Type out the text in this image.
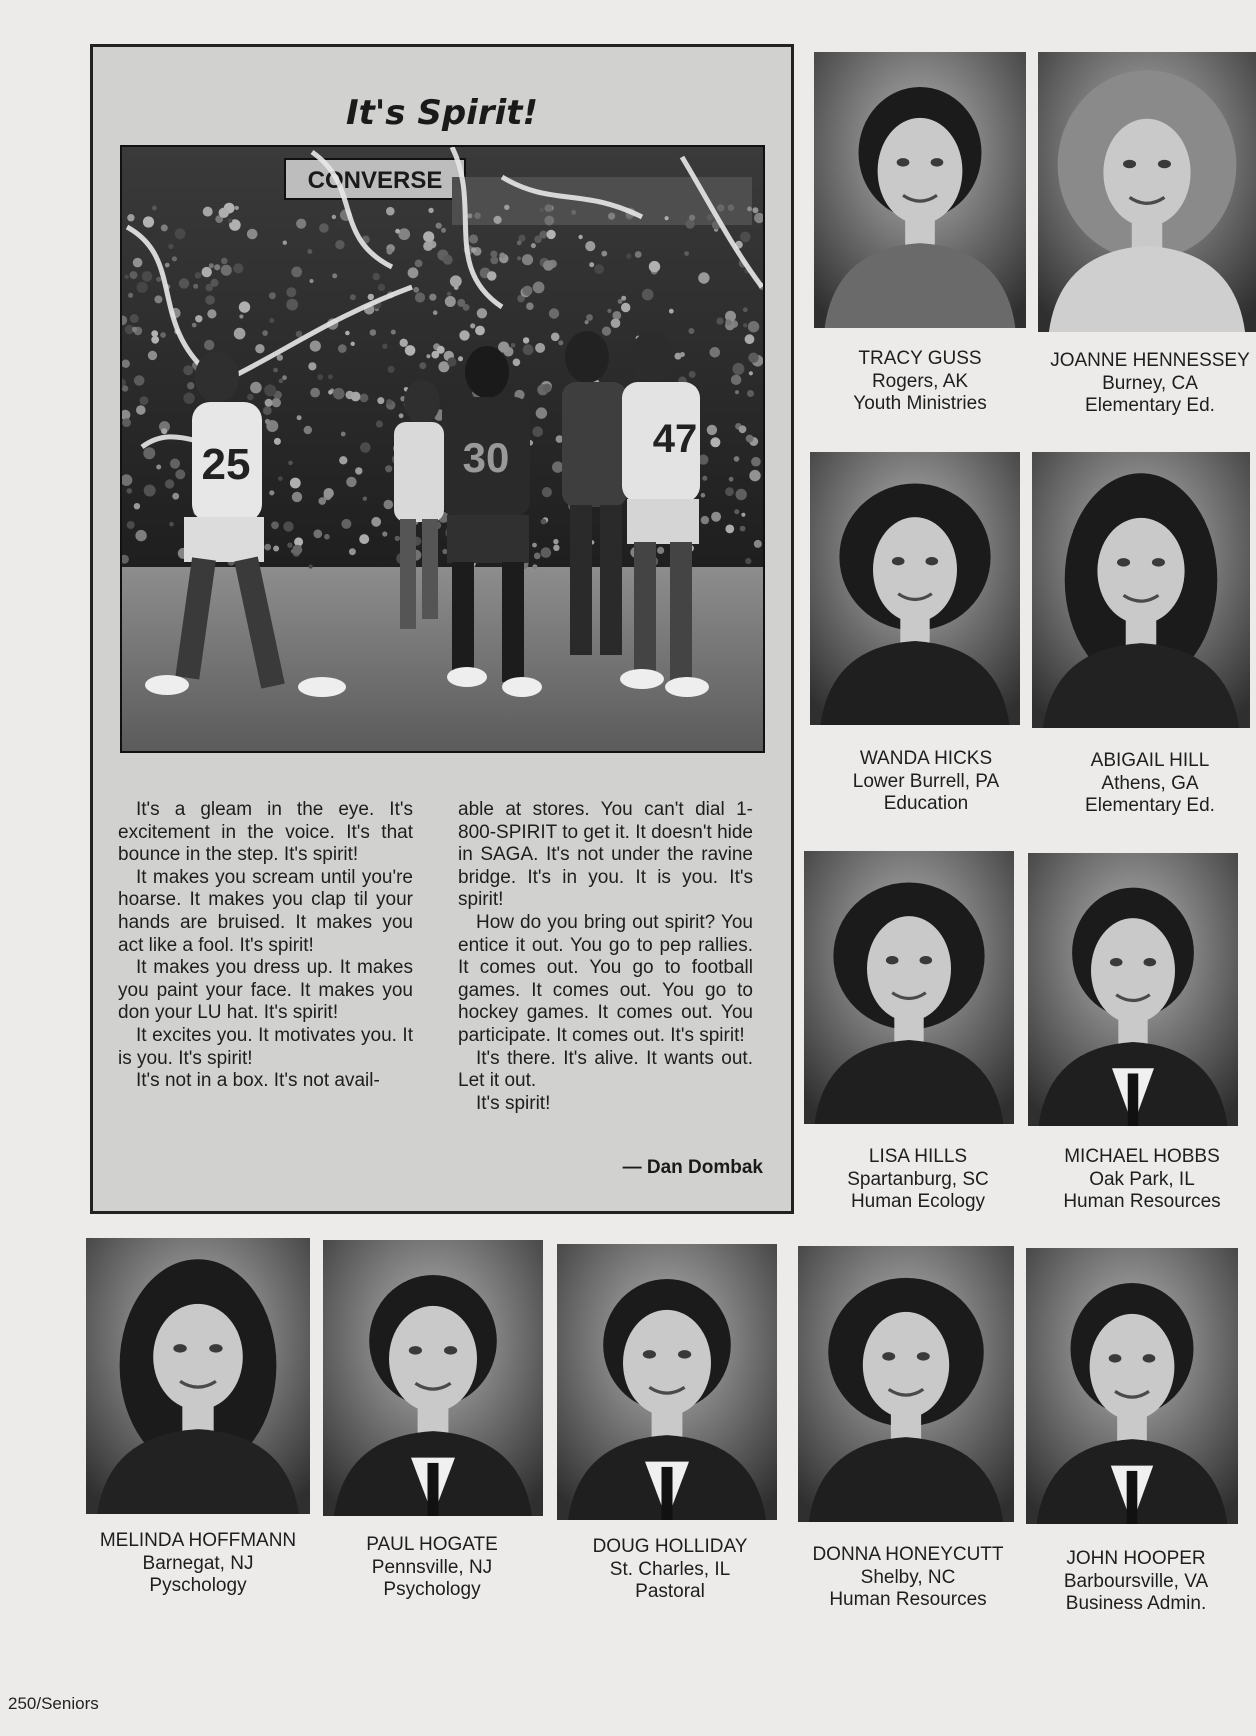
It's Spirit!
CONVERSE
25	30	47

It's a gleam in the eye. It's excitement in the voice. It's that bounce in the step. It's spirit!

It makes you scream until you're hoarse. It makes you clap til your hands are bruised. It makes you act like a fool. It's spirit!

It makes you dress up. It makes you paint your face. It makes you don your LU hat. It's spirit!

It excites you. It motivates you. It is you. It's spirit!

It's not in a box. It's not avail-

able at stores. You can't dial 1-800-SPIRIT to get it. It doesn't hide in SAGA. It's not under the ravine bridge. It's in you. It is you. It's spirit!

How do you bring out spirit? You entice it out. You go to pep rallies. It comes out. You go to football games. It comes out. You go to hockey games. It comes out. You participate. It comes out. It's spirit!

It's there. It's alive. It wants out. Let it out.

It's spirit!

— Dan Dombak
TRACY GUSS
Rogers, AK
Youth Ministries
JOANNE HENNESSEY
Burney, CA
Elementary Ed.
WANDA HICKS
Lower Burrell, PA
Education
ABIGAIL HILL
Athens, GA
Elementary Ed.
LISA HILLS
Spartanburg, SC
Human Ecology
MICHAEL HOBBS
Oak Park, IL
Human Resources
MELINDA HOFFMANN
Barnegat, NJ
Pyschology
PAUL HOGATE
Pennsville, NJ
Psychology
DOUG HOLLIDAY
St. Charles, IL
Pastoral
DONNA HONEYCUTT
Shelby, NC
Human Resources
JOHN HOOPER
Barboursville, VA
Business Admin.
250/Seniors
